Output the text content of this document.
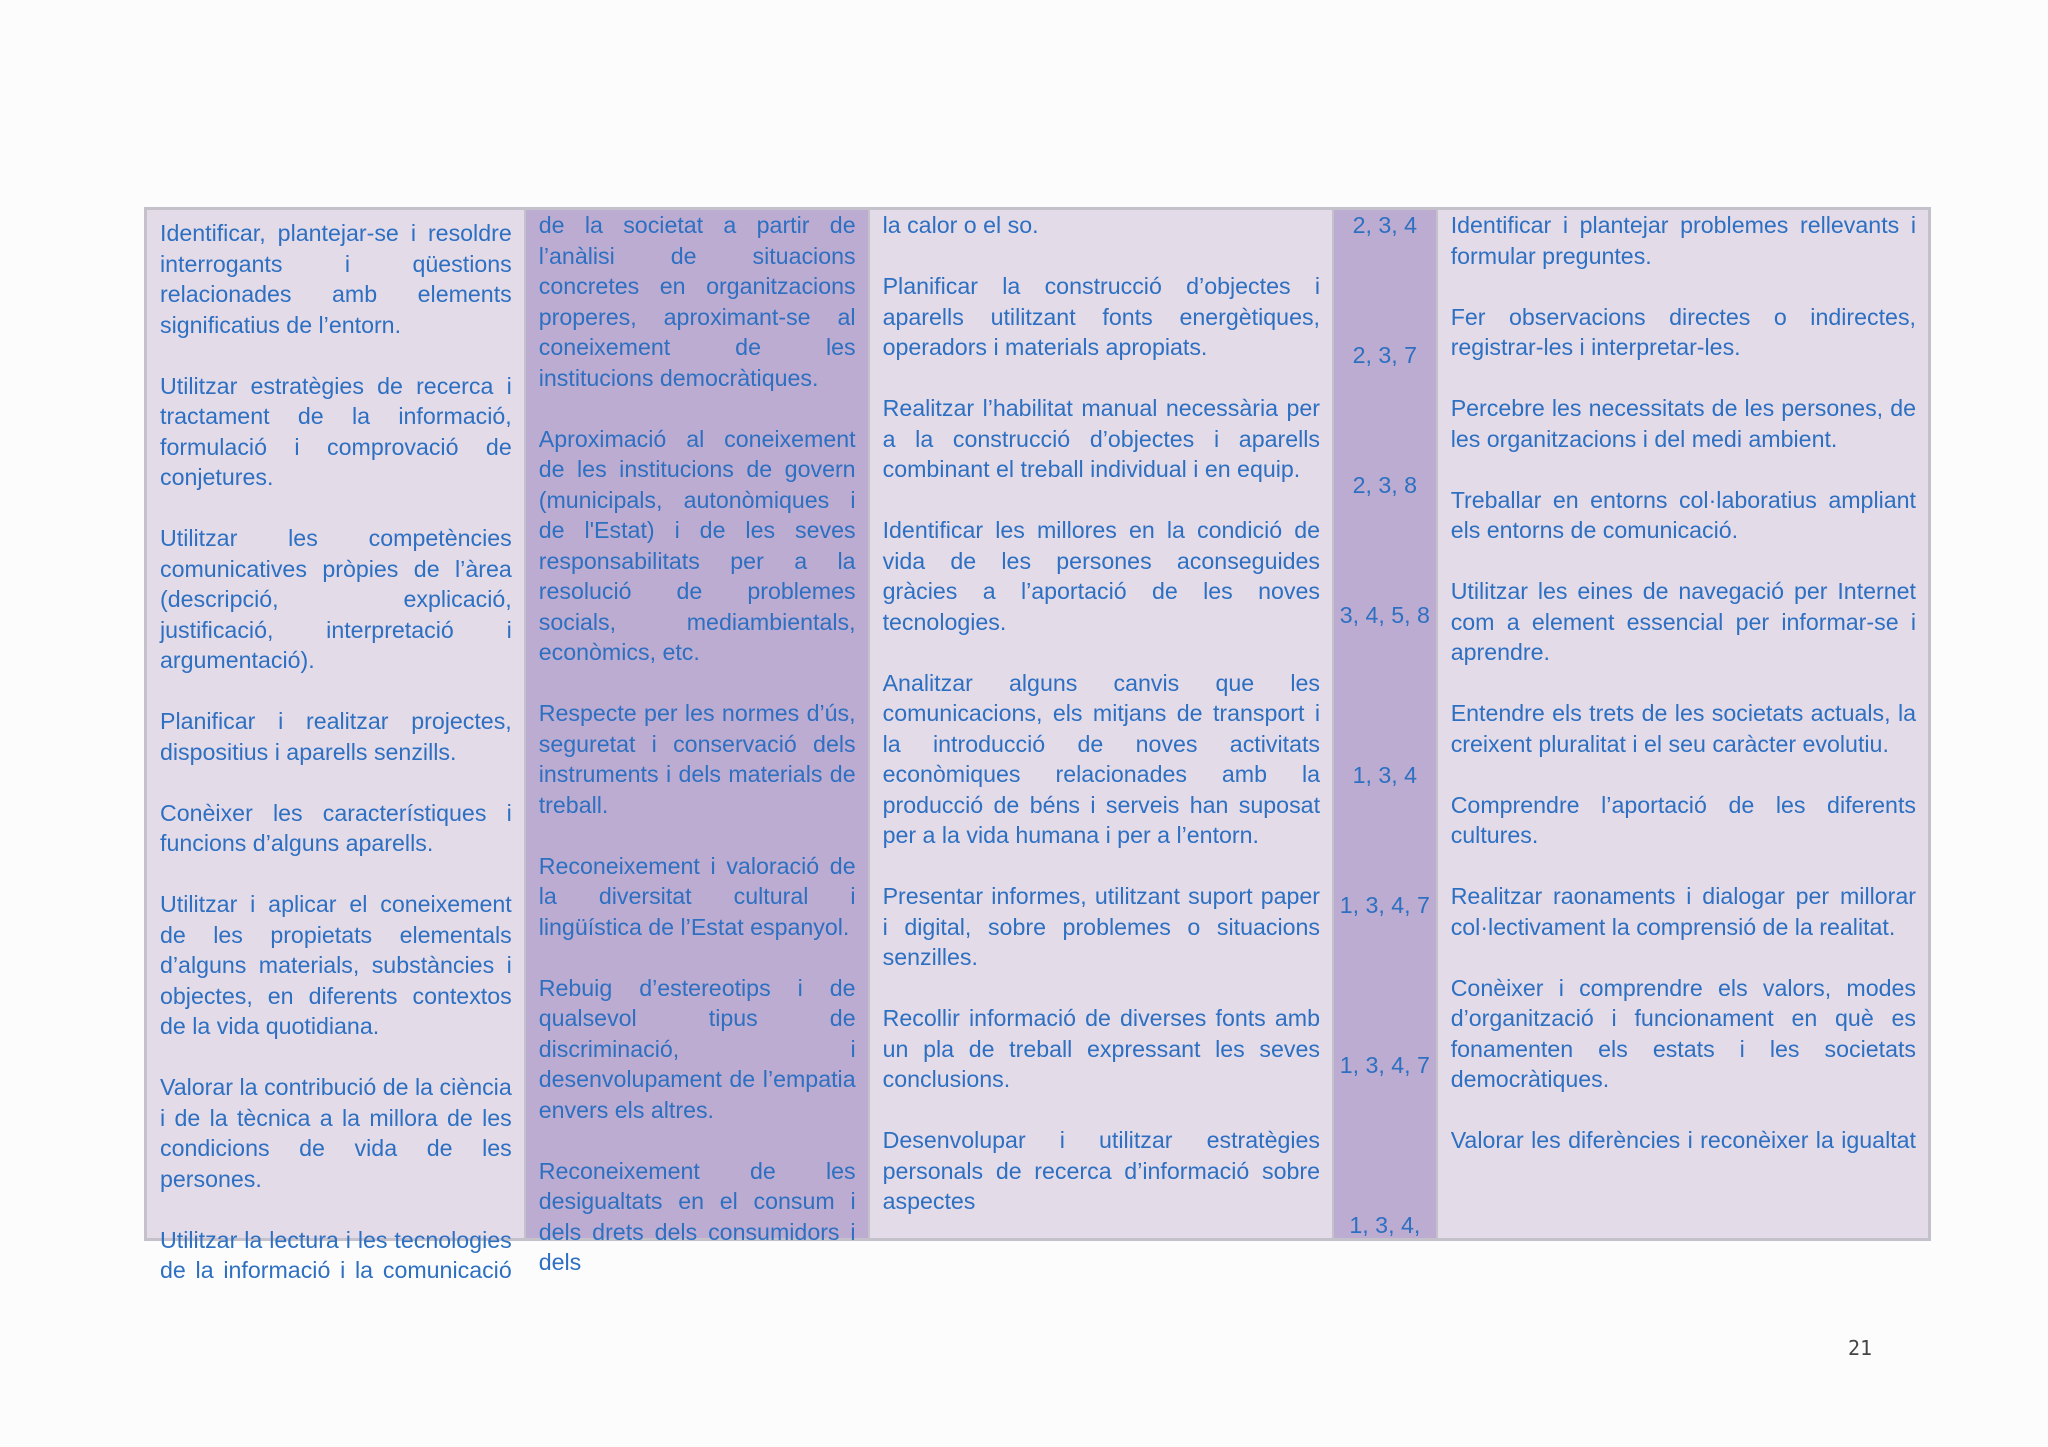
Identificar, plantejar-se i resoldre interrogants i qüestions relacionades amb elements significatius de l’entorn.

Utilitzar estratègies de recerca i tractament de la informació, formulació i comprovació de conjetures.

Utilitzar les competències comunicatives pròpies de l’àrea (descripció, explicació, justificació, interpretació i argumentació).

Planificar i realitzar projectes, dispositius i aparells senzills.

Conèixer les característiques i funcions d’alguns aparells.

Utilitzar i aplicar el coneixement de les propietats elementals d’alguns materials, substàncies i objectes, en diferents contextos de la vida quotidiana.

Valorar la contribució de la ciència i de la tècnica a la millora de les condicions de vida de les persones.

Utilitzar la lectura i les tecnologies de la informació i la comunicació

de la societat a partir de l’anàlisi de situacions concretes en organitzacions properes, aproximant-se al coneixement de les institucions democràtiques.

Aproximació al coneixement de les institucions de govern (municipals, autonòmiques i de l'Estat) i de les seves responsabilitats per a la resolució de problemes socials, mediambientals, econòmics, etc.

Respecte per les normes d’ús, seguretat i conservació dels instruments i dels materials de treball.

Reconeixement i valoració de la diversitat cultural i lingüística de l’Estat espanyol.

Rebuig d’estereotips i de qualsevol tipus de discriminació, i desenvolupament de l’empatia envers els altres.

Reconeixement de les desigualtats en el consum i dels drets dels consumidors i dels

la calor o el so.

Planificar la construcció d’objectes i aparells utilitzant fonts energètiques, operadors i materials apropiats.

Realitzar l’habilitat manual necessària per a la construcció d’objectes i aparells combinant el treball individual i en equip.

Identificar les millores en la condició de vida de les persones aconseguides gràcies a l’aportació de les noves tecnologies.

Analitzar alguns canvis que les comunicacions, els mitjans de transport i la introducció de noves activitats econòmiques relacionades amb la producció de béns i serveis han suposat per a la vida humana i per a l’entorn.

Presentar informes, utilitzant suport paper i digital, sobre problemes o situacions senzilles.

Recollir informació de diverses fonts amb un pla de treball expressant les seves conclusions.

Desenvolupar i utilitzar estratègies personals de recerca d’informació sobre aspectes

2, 3, 4

2, 3, 7

2, 3, 8

3, 4, 5, 8

1, 3, 4

1, 3, 4, 7

1, 3, 4, 7

1, 3, 4,

Identificar i plantejar problemes rellevants i formular preguntes.

Fer observacions directes o indirectes, registrar-les i interpretar-les.

Percebre les necessitats de les persones, de les organitzacions i del medi ambient.

Treballar en entorns col·laboratius ampliant els entorns de comunicació.

Utilitzar les eines de navegació per Internet com a element essencial per informar-se i aprendre.

Entendre els trets de les societats actuals, la creixent pluralitat i el seu caràcter evolutiu.

Comprendre l’aportació de les diferents cultures.

Realitzar raonaments i dialogar per millorar col·lectivament la comprensió de la realitat.

Conèixer i comprendre els valors, modes d’organització i funcionament en què es fonamenten els estats i les societats democràtiques.

Valorar les diferències i reconèixer la igualtat

21
